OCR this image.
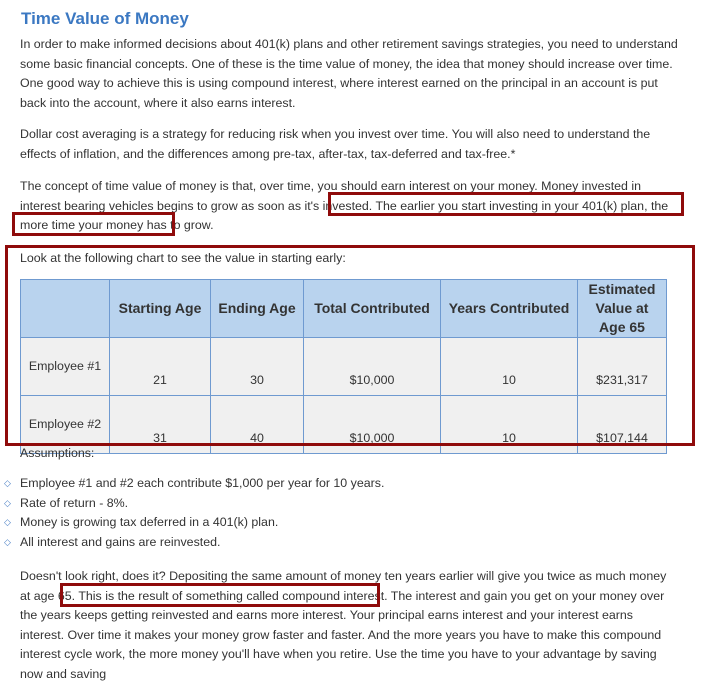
Time Value of Money

In order to make informed decisions about 401(k) plans and other retirement savings strategies, you need to understand some basic financial concepts. One of these is the time value of money, the idea that money should increase over time. One good way to achieve this is using compound interest, where interest earned on the principal in an account is put back into the account, where it also earns interest.

Dollar cost averaging is a strategy for reducing risk when you invest over time. You will also need to understand the effects of inflation, and the differences among pre-tax, after-tax, tax-deferred and tax-free.*

The concept of time value of money is that, over time, you should earn interest on your money. Money invested in interest bearing vehicles begins to grow as soon as it's invested. The earlier you start investing in your 401(k) plan, the more time your money has to grow.

Look at the following chart to see the value in starting early:

	Starting Age	Ending Age	Total Contributed	Years Contributed	Estimated Value at Age 65
Employee #1	21	30	$10,000	10	$231,317
Employee #2	31	40	$10,000	10	$107,144

Assumptions:

◇ Employee #1 and #2 each contribute $1,000 per year for 10 years.
◇ Rate of return - 8%.
◇ Money is growing tax deferred in a 401(k) plan.
◇ All interest and gains are reinvested.

Doesn't look right, does it? Depositing the same amount of money ten years earlier will give you twice as much money at age 65. This is the result of something called compound interest. The interest and gain you get on your money over the years keeps getting reinvested and earns more interest. Your principal earns interest and your interest earns interest. Over time it makes your money grow faster and faster. And the more years you have to make this compound interest cycle work, the more money you'll have when you retire. Use the time you have to your advantage by saving now and saving
